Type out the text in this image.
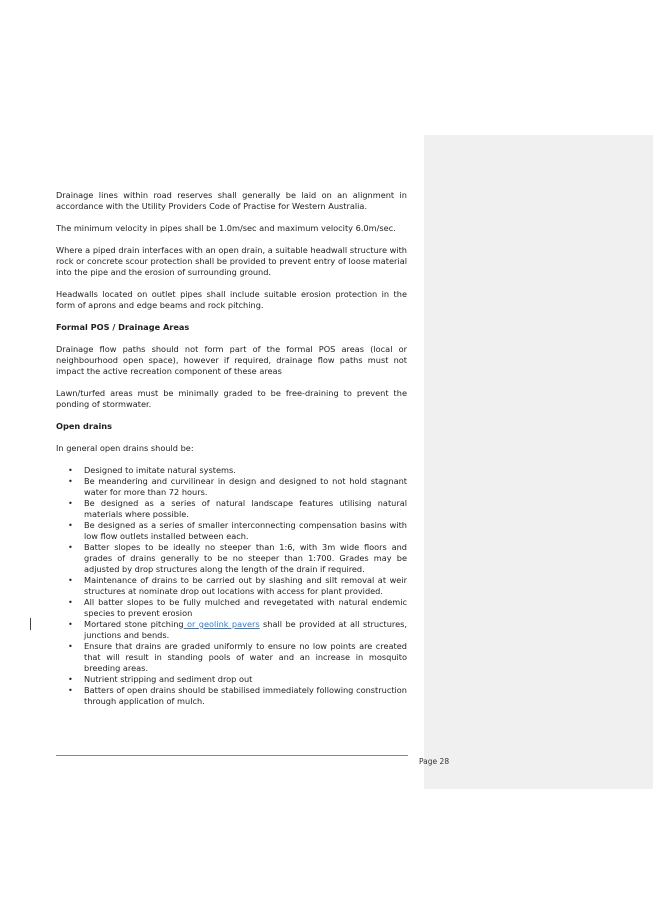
Drainage lines within road reserves shall generally be laid on an alignment in accordance with the Utility Providers Code of Practise for Western Australia.

The minimum velocity in pipes shall be 1.0m/sec and maximum velocity 6.0m/sec.

Where a piped drain interfaces with an open drain, a suitable headwall structure with rock or concrete scour protection shall be provided to prevent entry of loose material into the pipe and the erosion of surrounding ground.

Headwalls located on outlet pipes shall include suitable erosion protection in the form of aprons and edge beams and rock pitching.

Formal POS / Drainage Areas

Drainage flow paths should not form part of the formal POS areas (local or neighbourhood open space), however if required, drainage flow paths must not impact the active recreation component of these areas

Lawn/turfed areas must be minimally graded to be free-draining to prevent the ponding of stormwater.

Open drains

In general open drains should be:

• Designed to imitate natural systems.
• Be meandering and curvilinear in design and designed to not hold stagnant water for more than 72 hours.
• Be designed as a series of natural landscape features utilising natural materials where possible.
• Be designed as a series of smaller interconnecting compensation basins with low flow outlets installed between each.
• Batter slopes to be ideally no steeper than 1:6, with 3m wide floors and grades of drains generally to be no steeper than 1:700. Grades may be adjusted by drop structures along the length of the drain if required.
• Maintenance of drains to be carried out by slashing and silt removal at weir structures at nominate drop out locations with access for plant provided.
• All batter slopes to be fully mulched and revegetated with natural endemic species to prevent erosion
• Mortared stone pitching or geolink pavers shall be provided at all structures, junctions and bends.
• Ensure that drains are graded uniformly to ensure no low points are created that will result in standing pools of water and an increase in mosquito breeding areas.
• Nutrient stripping and sediment drop out
• Batters of open drains should be stabilised immediately following construction through application of mulch.
Page 28
